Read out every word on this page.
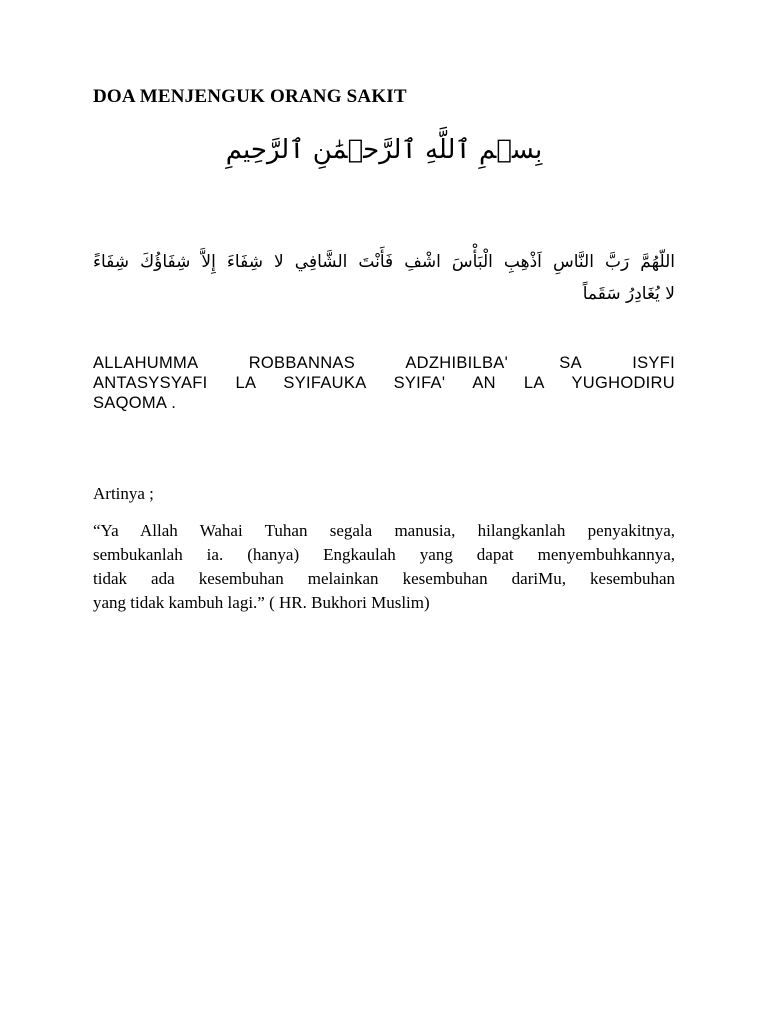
DOA MENJENGUK ORANG SAKIT
بِسۡمِ ٱللَّهِ ٱلرَّحۡمَٰنِ ٱلرَّحِيمِ
اللّهُمَّ رَبَّ النَّاسِ اَذْهِبِ الْبَأْسَ اشْفِ فَأَنْتَ الشَّافِي لا شِفَاءَ إِلاَّ شِفَاؤُكَ شِفَاءً
لا يُغَادِرُ سَقَماً
ALLAHUMMA ROBBANNAS ADZHIBILBA' SA ISYFI
ANTASYSYAFI LA SYIFAUKA SYIFA' AN LA YUGHODIRU
SAQOMA .
Artinya ;
“Ya Allah Wahai Tuhan segala manusia, hilangkanlah penyakitnya,
sembukanlah ia. (hanya) Engkaulah yang dapat menyembuhkannya,
tidak ada kesembuhan melainkan kesembuhan dariMu, kesembuhan
yang tidak kambuh lagi.” ( HR. Bukhori Muslim)
